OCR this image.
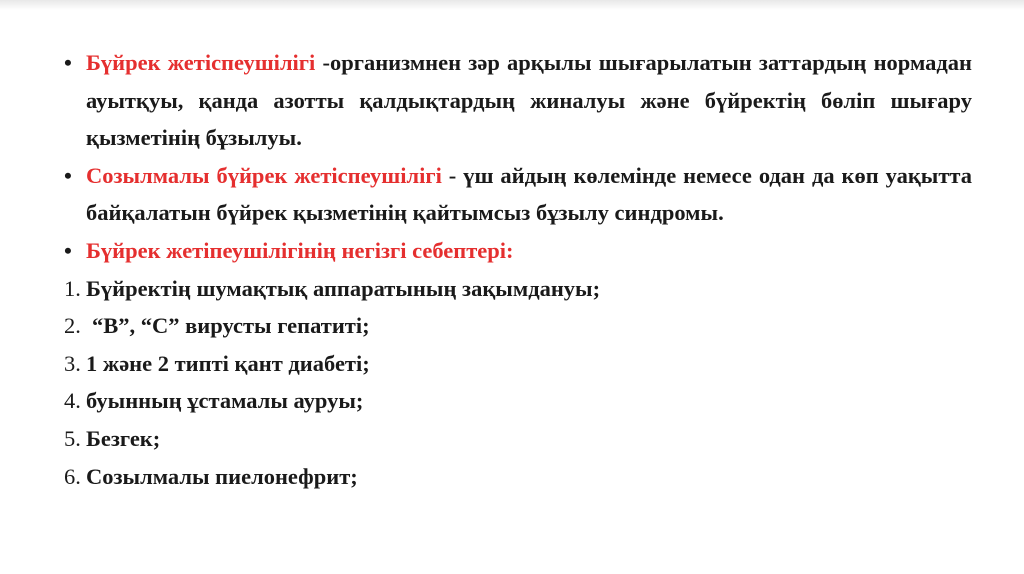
• Бүйрек жетіспеушілігі -организмнен зәр арқылы шығарылатын заттардың нормадан ауытқуы, қанда азотты қалдықтардың жиналуы және бүйректің бөліп шығару қызметінің бұзылуы.
• Созылмалы бүйрек жетіспеушілігі - үш айдың көлемінде немесе одан да көп уақытта байқалатын бүйрек қызметінің қайтымсыз бұзылу синдромы.
• Бүйрек жетіпеушілігінің негізгі себептері:
1. Бүйректің шумақтық аппаратының зақымдануы;
2. “В”, “С” вирусты гепатиті;
3. 1 және 2 типті қант диабеті;
4. буынның ұстамалы ауруы;
5. Безгек;
6. Созылмалы пиелонефрит;
